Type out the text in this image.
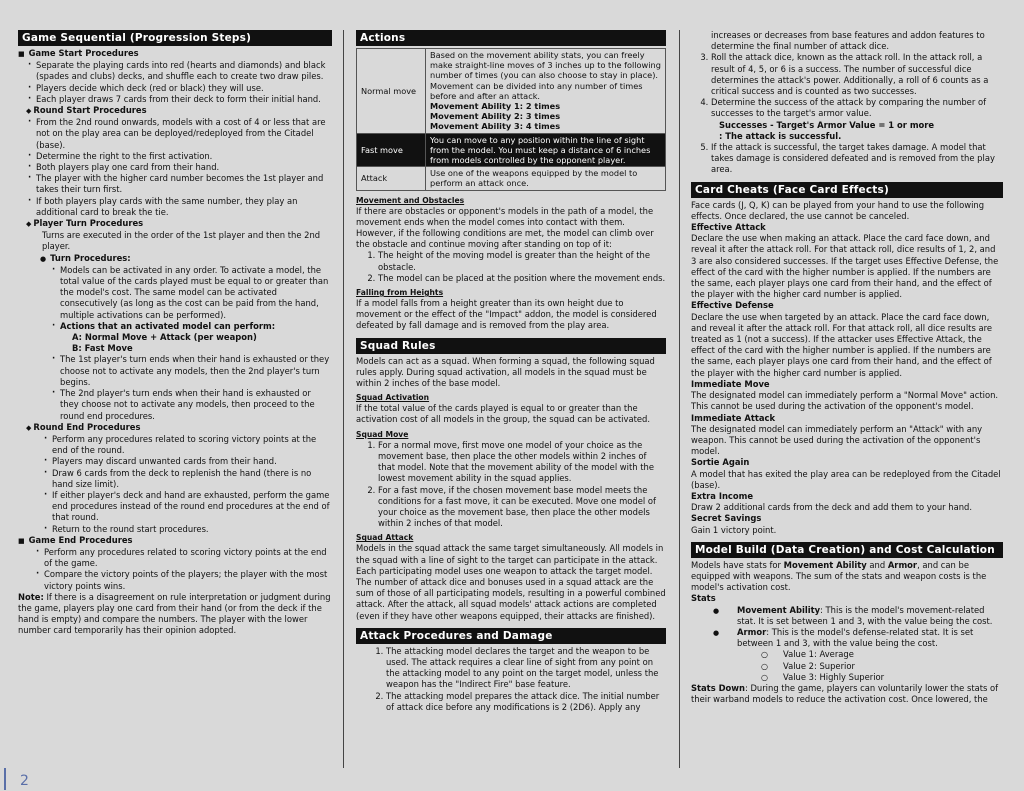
Game Sequential (Progression Steps)
■ Game Start Procedures
· Separate the playing cards into red (hearts and diamonds) and black (spades and clubs) decks, and shuffle each to create two draw piles.
· Players decide which deck (red or black) they will use.
· Each player draws 7 cards from their deck to form their initial hand.
◆ Round Start Procedures
· From the 2nd round onwards, models with a cost of 4 or less that are not on the play area can be deployed/redeployed from the Citadel (base).
· Determine the right to the first activation.
· Both players play one card from their hand.
· The player with the higher card number becomes the 1st player and takes their turn first.
· If both players play cards with the same number, they play an additional card to break the tie.
◆ Player Turn Procedures

Turns are executed in the order of the 1st player and then the 2nd player.

● Turn Procedures:
· Models can be activated in any order. To activate a model, the total value of the cards played must be equal to or greater than the model's cost. The same model can be activated consecutively (as long as the cost can be paid from the hand, multiple activations can be performed).
· Actions that an activated model can perform:
A: Normal Move + Attack (per weapon)
B: Fast Move
· The 1st player's turn ends when their hand is exhausted or they choose not to activate any models, then the 2nd player's turn begins.
· The 2nd player's turn ends when their hand is exhausted or they choose not to activate any models, then proceed to the round end procedures.
◆ Round End Procedures
· Perform any procedures related to scoring victory points at the end of the round.
· Players may discard unwanted cards from their hand.
· Draw 6 cards from the deck to replenish the hand (there is no hand size limit).
· If either player's deck and hand are exhausted, perform the game end procedures instead of the round end procedures at the end of that round.
· Return to the round start procedures.
■ Game End Procedures
· Perform any procedures related to scoring victory points at the end of the game.
· Compare the victory points of the players; the player with the most victory points wins.

Note: If there is a disagreement on rule interpretation or judgment during the game, players play one card from their hand (or from the deck if the hand is empty) and compare the numbers. The player with the lower number card temporarily has their opinion adopted.

Actions
Normal move	Based on the movement ability stats, you can freely make straight-line moves of 3 inches up to the following number of times (you can also choose to stay in place). Movement can be divided into any number of times before and after an attack.
Movement Ability 1: 2 times
Movement Ability 2: 3 times
Movement Ability 3: 4 times
Fast move	You can move to any position within the line of sight from the model. You must keep a distance of 6 inches from models controlled by the opponent player.
Attack	Use one of the weapons equipped by the model to perform an attack once.
Movement and Obstacles

If there are obstacles or opponent's models in the path of a model, the movement ends when the model comes into contact with them. However, if the following conditions are met, the model can climb over the obstacle and continue moving after standing on top of it:

1. The height of the moving model is greater than the height of the obstacle.
2. The model can be placed at the position where the movement ends.
Falling from Heights

If a model falls from a height greater than its own height due to movement or the effect of the "Impact" addon, the model is considered defeated by fall damage and is removed from the play area.

Squad Rules

Models can act as a squad. When forming a squad, the following squad rules apply. During squad activation, all models in the squad must be within 2 inches of the base model.

Squad Activation

If the total value of the cards played is equal to or greater than the activation cost of all models in the group, the squad can be activated.

Squad Move
1. For a normal move, first move one model of your choice as the movement base, then place the other models within 2 inches of that model. Note that the movement ability of the model with the lowest movement ability in the squad applies.
2. For a fast move, if the chosen movement base model meets the conditions for a fast move, it can be executed. Move one model of your choice as the movement base, then place the other models within 2 inches of that model.
Squad Attack

Models in the squad attack the same target simultaneously. All models in the squad with a line of sight to the target can participate in the attack. Each participating model uses one weapon to attack the target model. The number of attack dice and bonuses used in a squad attack are the sum of those of all participating models, resulting in a powerful combined attack. After the attack, all squad models' attack actions are completed (even if they have other weapons equipped, their attacks are finished).

Attack Procedures and Damage
1. The attacking model declares the target and the weapon to be used. The attack requires a clear line of sight from any point on the attacking model to any point on the target model, unless the weapon has the "Indirect Fire" base feature.
2. The attacking model prepares the attack dice. The initial number of attack dice before any modifications is 2 (2D6). Apply any

increases or decreases from base features and addon features to determine the final number of attack dice.

3. Roll the attack dice, known as the attack roll. In the attack roll, a result of 4, 5, or 6 is a success. The number of successful dice determines the attack's power. Additionally, a roll of 6 counts as a critical success and is counted as two successes.
4. Determine the success of the attack by comparing the number of successes to the target's armor value.
Successes - Target's Armor Value = 1 or more
: The attack is successful.
5. If the attack is successful, the target takes damage. A model that takes damage is considered defeated and is removed from the play area.
Card Cheats (Face Card Effects)

Face cards (J, Q, K) can be played from your hand to use the following effects. Once declared, the use cannot be canceled.

Effective Attack

Declare the use when making an attack. Place the card face down, and reveal it after the attack roll. For that attack roll, dice results of 1, 2, and 3 are also considered successes. If the target uses Effective Defense, the effect of the card with the higher number is applied. If the numbers are the same, each player plays one card from their hand, and the effect of the player with the higher card number is applied.

Effective Defense

Declare the use when targeted by an attack. Place the card face down, and reveal it after the attack roll. For that attack roll, all dice results are treated as 1 (not a success). If the attacker uses Effective Attack, the effect of the card with the higher number is applied. If the numbers are the same, each player plays one card from their hand, and the effect of the player with the higher card number is applied.

Immediate Move

The designated model can immediately perform a "Normal Move" action. This cannot be used during the activation of the opponent's model.

Immediate Attack

The designated model can immediately perform an "Attack" with any weapon. This cannot be used during the activation of the opponent's model.

Sortie Again

A model that has exited the play area can be redeployed from the Citadel (base).

Extra Income

Draw 2 additional cards from the deck and add them to your hand.

Secret Savings

Gain 1 victory point.

Model Build (Data Creation) and Cost Calculation

Models have stats for Movement Ability and Armor, and can be equipped with weapons. The sum of the stats and weapon costs is the model's activation cost.

Stats
● Movement Ability: This is the model's movement-related stat. It is set between 1 and 3, with the value being the cost.
● Armor: This is the model's defense-related stat. It is set between 1 and 3, with the value being the cost.
○ Value 1: Average
○ Value 2: Superior
○ Value 3: Highly Superior

Stats Down: During the game, players can voluntarily lower the stats of their warband models to reduce the activation cost. Once lowered, the

2
